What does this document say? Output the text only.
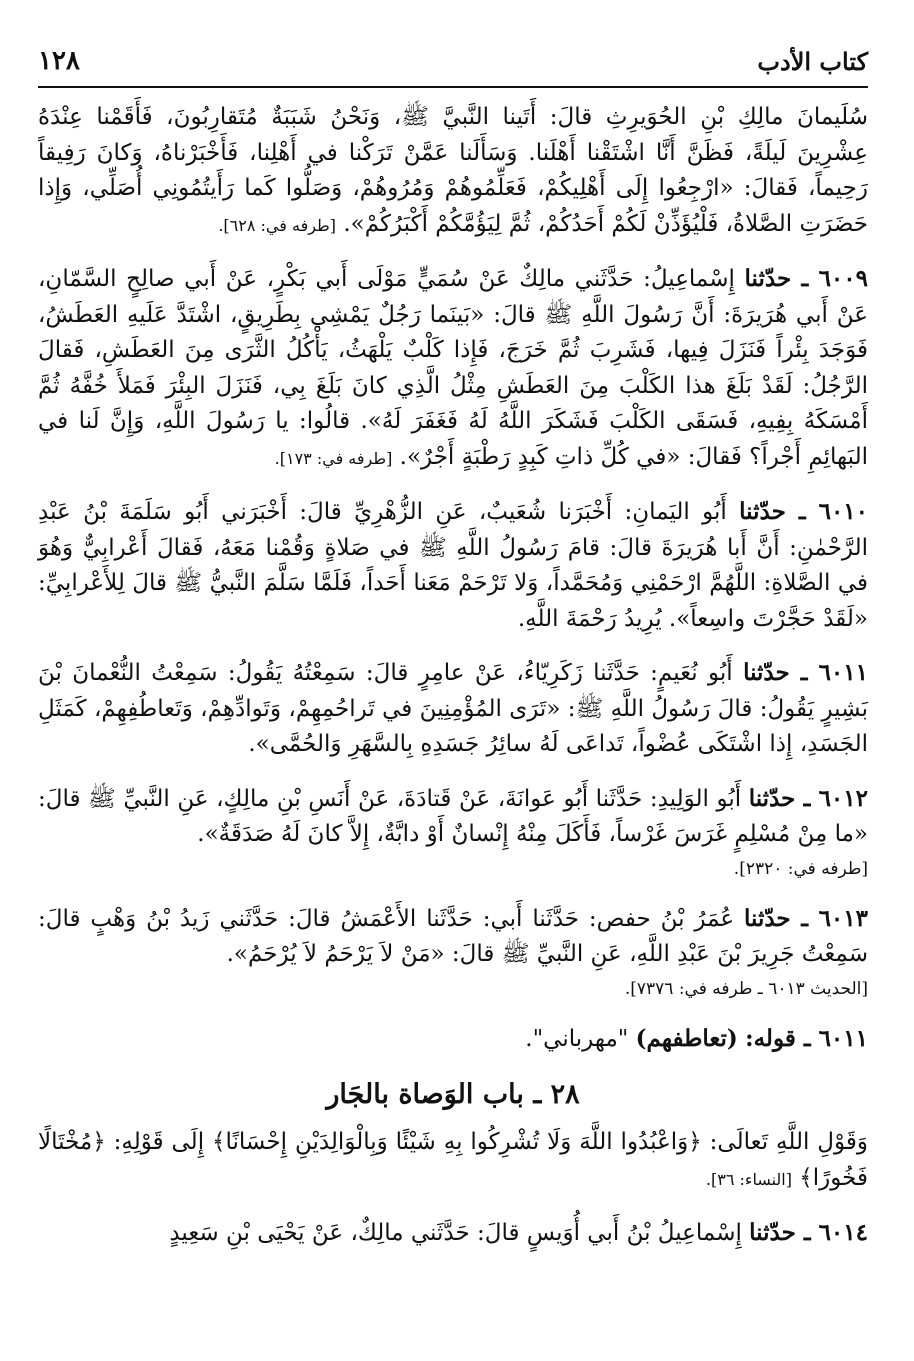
١٢٨	كتاب الأدب

سُلَيمانَ مالِكِ بْنِ الحُوَيرِثِ قالَ: أَتَينا النَّبيَّ ﷺ، وَنَحْنُ شَبَبَةٌ مُتَقارِبُونَ، فَأَقَمْنا عِنْدَهُ عِشْرِينَ لَيلَةً، فَظَنَّ أَنَّا اشْتَقْنا أَهْلَنا. وَسَأَلَنا عَمَّنْ تَرَكْنا في أَهْلِنا، فَأَخْبَرْناهُ، وَكانَ رَفِيقاً رَحِيماً، فَقالَ: «ارْجِعُوا إِلَى أَهْلِيكُمْ، فَعَلِّمُوهُمْ وَمُرُوهُمْ، وَصَلُّوا كَما رَأَيتُمُونِي أُصَلِّي، وَإِذا حَضَرَتِ الصَّلاةُ، فَلْيُؤَذِّنْ لَكُمْ أَحَدُكُمْ، ثُمَّ لِيَؤُمَّكُمْ أَكْبَرُكُمْ». [طرفه في: ٦٢٨].

٦٠٠٩ ـ حدّثنا إِسْماعِيلُ: حَدَّثَني مالِكٌ عَنْ سُمَيٍّ مَوْلَى أَبي بَكْرٍ، عَنْ أَبي صالِحٍ السَّمّانِ، عَنْ أَبي هُرَيرَةَ: أَنَّ رَسُولَ اللَّهِ ﷺ قالَ: «بَينَما رَجُلٌ يَمْشِي بِطَرِيقٍ، اشْتَدَّ عَلَيهِ العَطَشُ، فَوَجَدَ بِئْراً فَنَزَلَ فِيها، فَشَرِبَ ثُمَّ خَرَجَ، فَإِذا كَلْبٌ يَلْهَثُ، يَأْكُلُ الثَّرَى مِنَ العَطَشِ، فَقالَ الرَّجُلُ: لَقَدْ بَلَغَ هذا الكَلْبَ مِنَ العَطَشِ مِثْلُ الَّذِي كانَ بَلَغَ بِي، فَنَزَلَ البِئْرَ فَمَلأَ خُفَّهُ ثُمَّ أَمْسَكَهُ بِفِيهِ، فَسَقَى الكَلْبَ فَشَكَرَ اللَّهُ لَهُ فَغَفَرَ لَهُ». قالُوا: يا رَسُولَ اللَّهِ، وَإِنَّ لَنا في البَهائِمِ أَجْراً؟ فَقالَ: «في كُلِّ ذاتِ كَبِدٍ رَطْبَةٍ أَجْرٌ». [طرفه في: ١٧٣].

٦٠١٠ ـ حدّثنا أَبُو اليَمانِ: أَخْبَرَنا شُعَيبٌ، عَنِ الزُّهْرِيِّ قالَ: أَخْبَرَني أَبُو سَلَمَةَ بْنُ عَبْدِ الرَّحْمٰنِ: أَنَّ أَبا هُرَيرَةَ قالَ: قامَ رَسُولُ اللَّهِ ﷺ في صَلاةٍ وَقُمْنا مَعَهُ، فَقالَ أَعْرابِيٌّ وَهُوَ في الصَّلاةِ: اللَّهُمَّ ارْحَمْنِي وَمُحَمَّداً، وَلا تَرْحَمْ مَعَنا أَحَداً، فَلَمَّا سَلَّمَ النَّبيُّ ﷺ قالَ لِلأَعْرابِيِّ: «لَقَدْ حَجَّرْتَ واسِعاً». يُرِيدُ رَحْمَةَ اللَّهِ.

٦٠١١ ـ حدّثنا أَبُو نُعَيمٍ: حَدَّثَنا زَكَرِيّاءُ، عَنْ عامِرٍ قالَ: سَمِعْتُهُ يَقُولُ: سَمِعْتُ النُّعْمانَ بْنَ بَشِيرٍ يَقُولُ: قالَ رَسُولُ اللَّهِ ﷺ: «تَرَى المُؤْمِنِينَ في تَراحُمِهِمْ، وَتَوادِّهِمْ، وَتَعاطُفِهِمْ، كَمَثَلِ الجَسَدِ، إِذا اشْتَكَى عُضْواً، تَداعَى لَهُ سائِرُ جَسَدِهِ بِالسَّهَرِ وَالحُمَّى».

٦٠١٢ ـ حدّثنا أَبُو الوَلِيدِ: حَدَّثَنا أَبُو عَوانَةَ، عَنْ قَتادَةَ، عَنْ أَنَسِ بْنِ مالِكٍ، عَنِ النَّبيِّ ﷺ قالَ: «ما مِنْ مُسْلِمٍ غَرَسَ غَرْساً، فَأَكَلَ مِنْهُ إِنْسانٌ أَوْ دابَّةٌ، إِلاَّ كانَ لَهُ صَدَقَةٌ».

[طرفه في: ٢٣٢٠].

٦٠١٣ ـ حدّثنا عُمَرُ بْنُ حفص: حَدَّثَنا أَبي: حَدَّثَنا الأَعْمَشُ قالَ: حَدَّثَني زَيدُ بْنُ وَهْبٍ قالَ: سَمِعْتُ جَرِيرَ بْنَ عَبْدِ اللَّهِ، عَنِ النَّبيِّ ﷺ قالَ: «مَنْ لاَ يَرْحَمُ لاَ يُرْحَمُ».

[الحديث ٦٠١٣ ـ طرفه في: ٧٣٧٦].

٦٠١١ ـ قوله: (تعاطفهم) "مهرباني".

٢٨ ـ باب الوَصاة بالجَار

وَقَوْلِ اللَّهِ تَعالَى: ﴿وَاعْبُدُوا اللَّهَ وَلَا تُشْرِكُوا بِهِ شَيْئًا وَبِالْوَالِدَيْنِ إِحْسَانًا﴾ إِلَى قَوْلِهِ: ﴿مُخْتَالًا فَخُورًا﴾ [النساء: ٣٦].

٦٠١٤ ـ حدّثنا إِسْماعِيلُ بْنُ أَبي أُوَيسٍ قالَ: حَدَّثَني مالِكٌ، عَنْ يَحْيَى بْنِ سَعِيدٍ
